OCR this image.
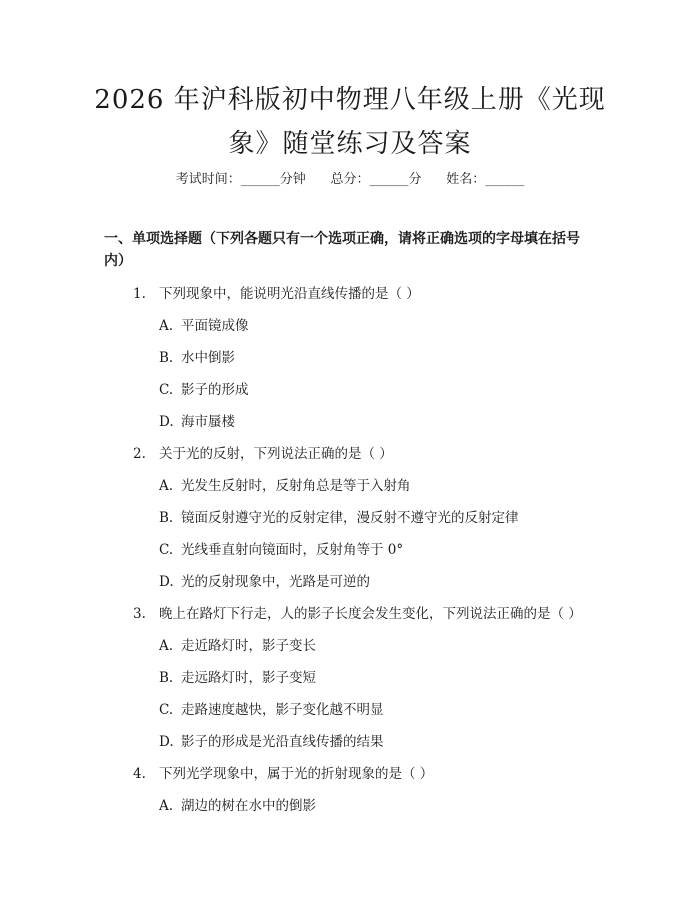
2026 年沪科版初中物理八年级上册《光现
象》随堂练习及答案
考试时间：______分钟      总分：______分      姓名：______
一、单项选择题（下列各题只有一个选项正确，请将正确选项的字母填在括号内）
1. 下列现象中，能说明光沿直线传播的是（ ）
A. 平面镜成像
B. 水中倒影
C. 影子的形成
D. 海市蜃楼
2. 关于光的反射，下列说法正确的是（ ）
A. 光发生反射时，反射角总是等于入射角
B. 镜面反射遵守光的反射定律，漫反射不遵守光的反射定律
C. 光线垂直射向镜面时，反射角等于 0°
D. 光的反射现象中，光路是可逆的
3. 晚上在路灯下行走，人的影子长度会发生变化，下列说法正确的是（ ）
A. 走近路灯时，影子变长
B. 走远路灯时，影子变短
C. 走路速度越快，影子变化越不明显
D. 影子的形成是光沿直线传播的结果
4. 下列光学现象中，属于光的折射现象的是（ ）
A. 湖边的树在水中的倒影
